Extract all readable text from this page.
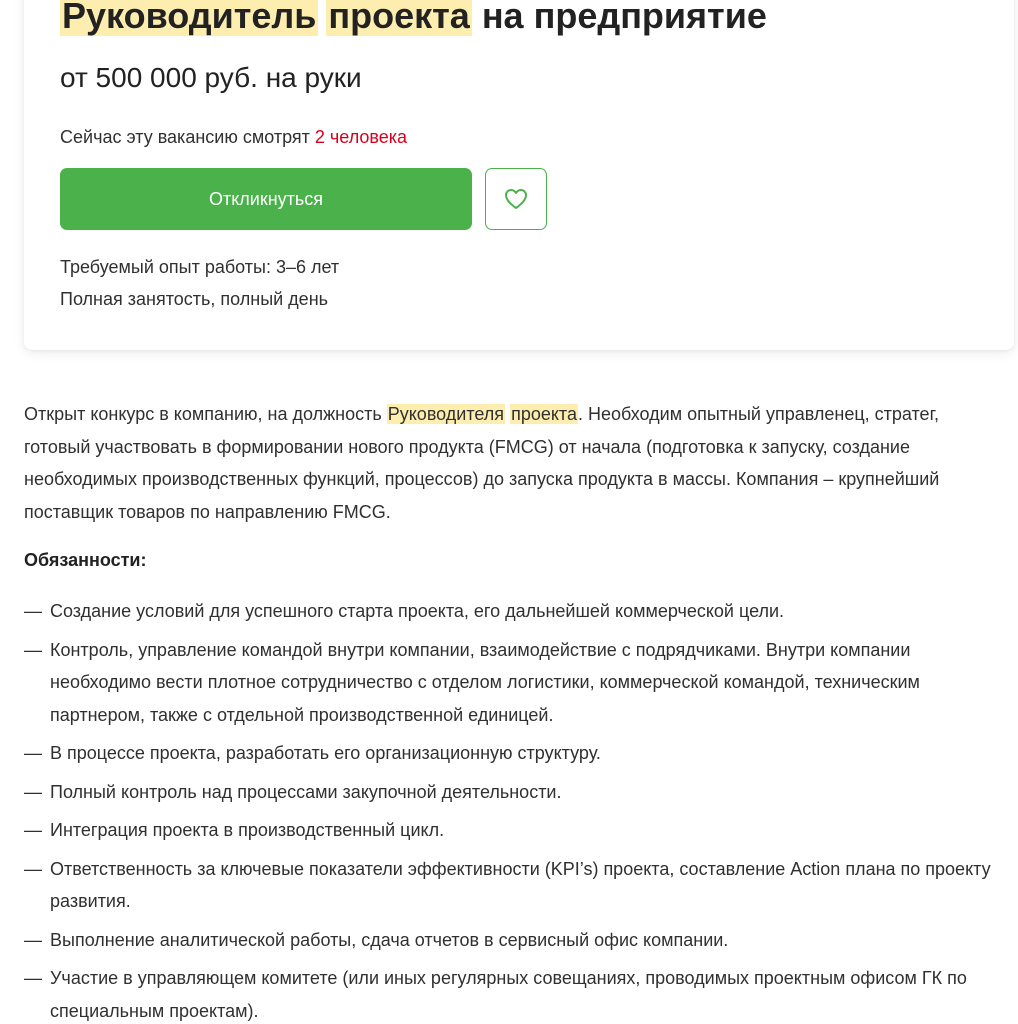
Руководитель проекта на предприятие
от 500 000 руб. на руки
Сейчас эту вакансию смотрят 2 человека
Откликнуться
Требуемый опыт работы: 3–6 лет
Полная занятость, полный день

Открыт конкурс в компанию, на должность Руководителя проекта. Необходим опытный управленец, стратег, готовый участвовать в формировании нового продукта (FMCG) от начала (подготовка к запуску, создание необходимых производственных функций, процессов) до запуска продукта в массы. Компания – крупнейший поставщик товаров по направлению FMCG.

Обязанности:
— Создание условий для успешного старта проекта, его дальнейшей коммерческой цели.
— Контроль, управление командой внутри компании, взаимодействие с подрядчиками. Внутри компании необходимо вести плотное сотрудничество с отделом логистики, коммерческой командой, техническим партнером, также с отдельной производственной единицей.
— В процессе проекта, разработать его организационную структуру.
— Полный контроль над процессами закупочной деятельности.
— Интеграция проекта в производственный цикл.
— Ответственность за ключевые показатели эффективности (KPI’s) проекта, составление Action плана по проекту развития.
— Выполнение аналитической работы, сдача отчетов в сервисный офис компании.
— Участие в управляющем комитете (или иных регулярных совещаниях, проводимых проектным офисом ГК по специальным проектам).
